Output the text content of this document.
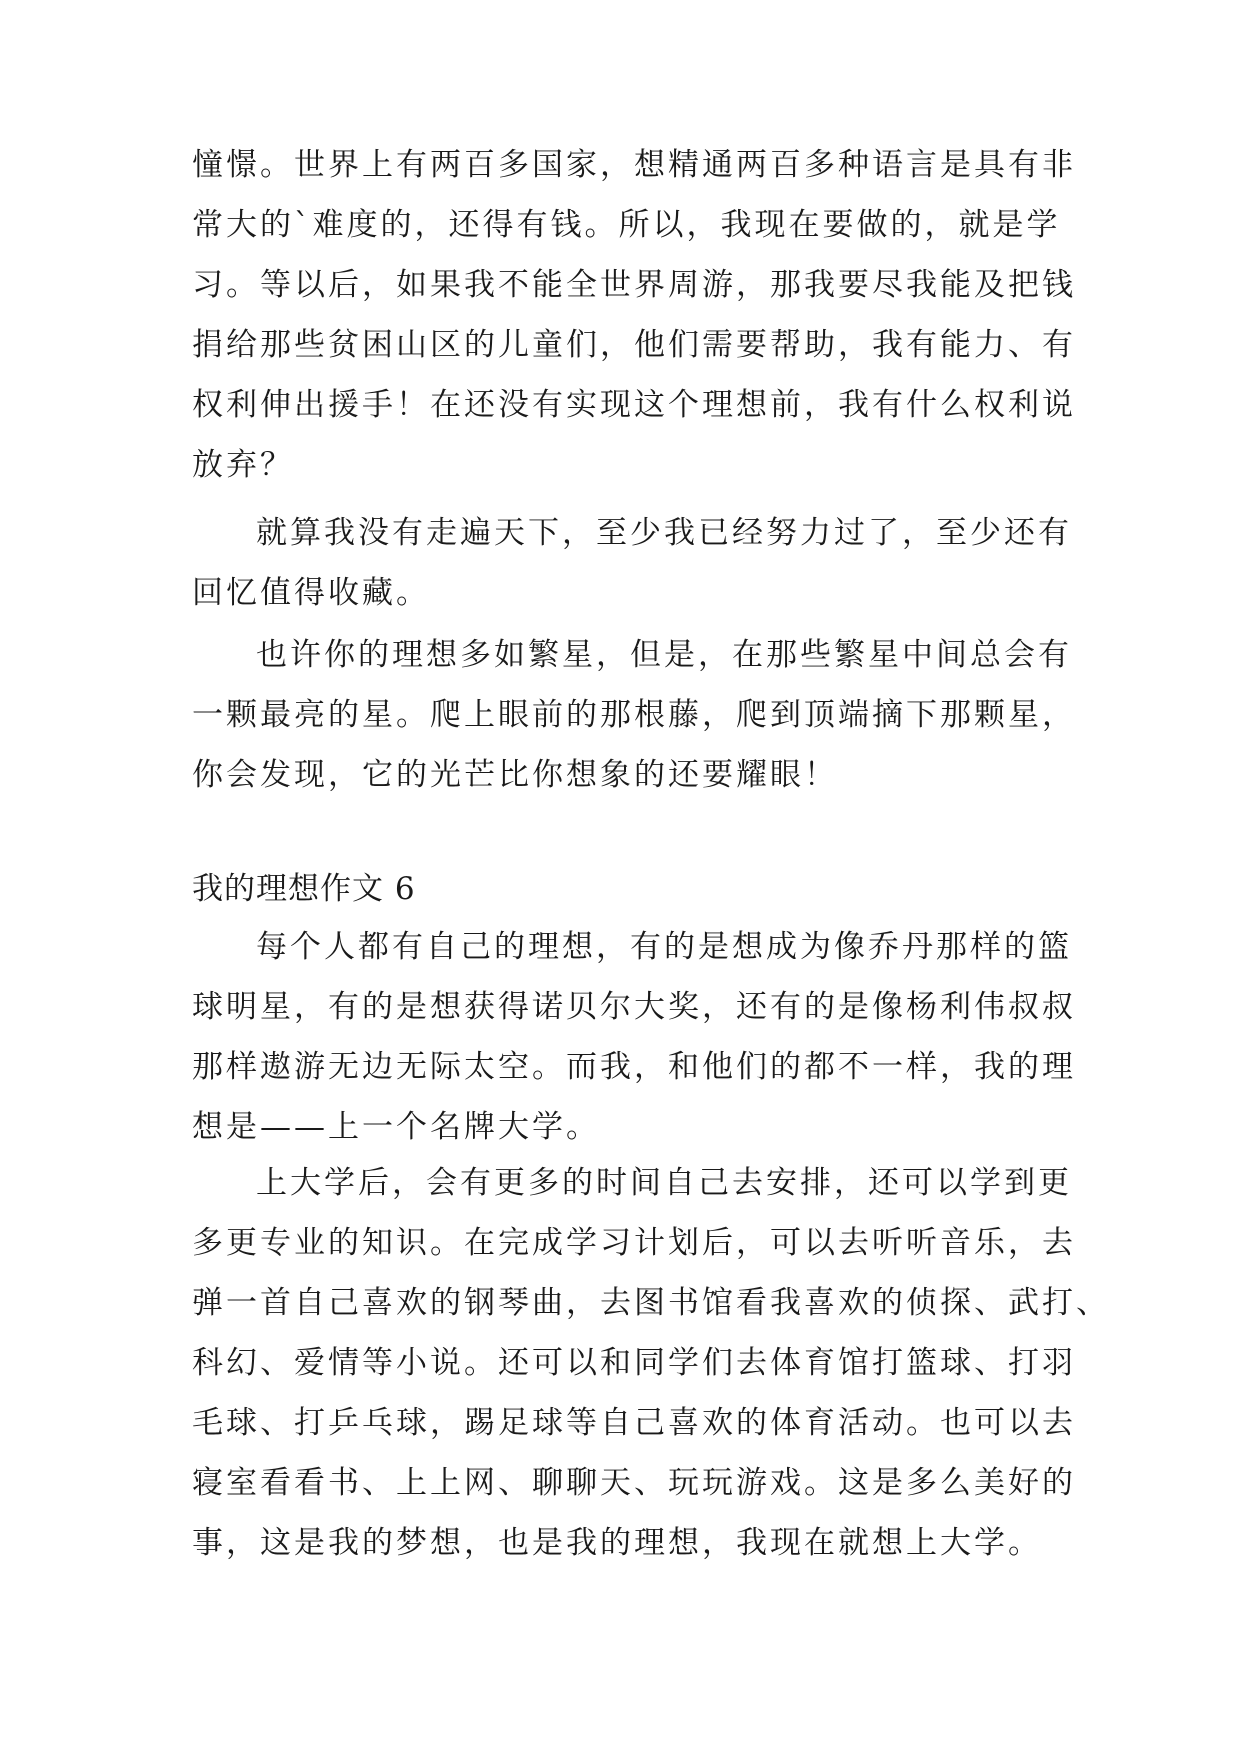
憧憬。世界上有两百多国家，想精通两百多种语言是具有非
常大的`难度的，还得有钱。所以，我现在要做的，就是学
习。等以后，如果我不能全世界周游，那我要尽我能及把钱
捐给那些贫困山区的儿童们，他们需要帮助，我有能力、有
权利伸出援手！在还没有实现这个理想前，我有什么权利说
放弃？
就算我没有走遍天下，至少我已经努力过了，至少还有
回忆值得收藏。
也许你的理想多如繁星，但是，在那些繁星中间总会有
一颗最亮的星。爬上眼前的那根藤，爬到顶端摘下那颗星，
你会发现，它的光芒比你想象的还要耀眼！
我的理想作文 6
每个人都有自己的理想，有的是想成为像乔丹那样的篮
球明星，有的是想获得诺贝尔大奖，还有的是像杨利伟叔叔
那样遨游无边无际太空。而我，和他们的都不一样，我的理
想是——上一个名牌大学。
上大学后，会有更多的时间自己去安排，还可以学到更
多更专业的知识。在完成学习计划后，可以去听听音乐，去
弹一首自己喜欢的钢琴曲，去图书馆看我喜欢的侦探、武打、
科幻、爱情等小说。还可以和同学们去体育馆打篮球、打羽
毛球、打乒乓球，踢足球等自己喜欢的体育活动。也可以去
寝室看看书、上上网、聊聊天、玩玩游戏。这是多么美好的
事，这是我的梦想，也是我的理想，我现在就想上大学。
